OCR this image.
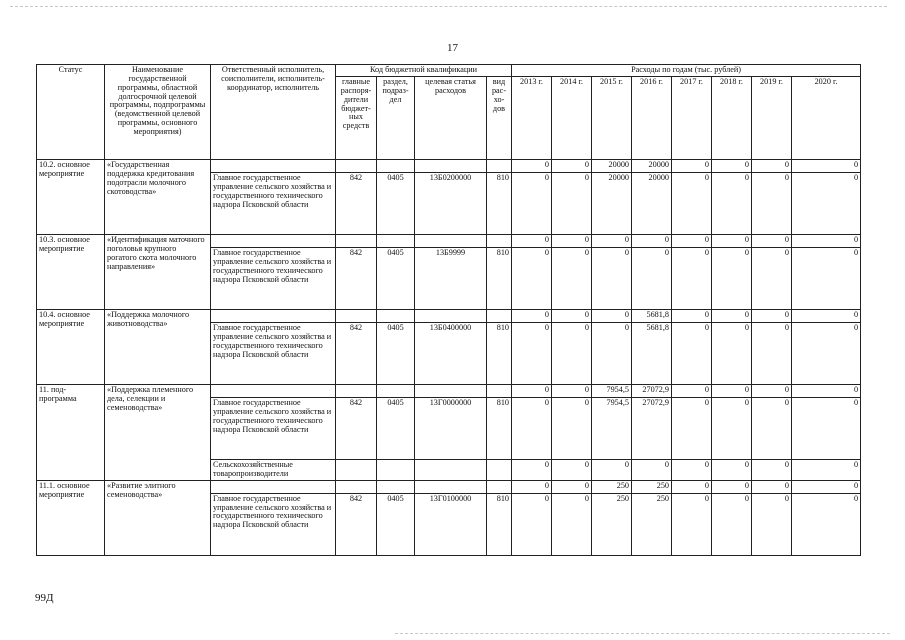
17
Статус	Наименование государственной программы, областной долгосрочной целевой программы, подпрограммы (ведомственной целевой программы, основного мероприятия)	Ответственный исполнитель, соисполнители, исполнитель-координатор, исполнитель	Код бюджетной квалификации				Расходы по годам (тыс. рублей)							
			главные распоря-дители бюджет-ных средств	раздел, подраз-дел	целевая статья расходов	вид рас-хо-дов	2013 г.	2014 г.	2015 г.	2016 г.	2017 г.	2018 г.	2019 г.	2020 г.
10.2. основное мероприятие	«Государственная поддержка кредитования подотрасли молочного скотоводства»						0	0	20000	20000	0	0	0	0
		Главное государственное управление сельского хозяйства и государственного технического надзора Псковской области	842	0405	13Б0200000	810	0	0	20000	20000	0	0	0	0
10.3. основное мероприятие	«Идентификация маточного поголовья крупного рогатого скота молочного направления»						0	0	0	0	0	0	0	0
		Главное государственное управление сельского хозяйства и государственного технического надзора Псковской области	842	0405	13Б9999	810	0	0	0	0	0	0	0	0
10.4. основное мероприятие	«Поддержка молочного животноводства»						0	0	0	5681,8	0	0	0	0
		Главное государственное управление сельского хозяйства и государственного технического надзора Псковской области	842	0405	13Б0400000	810	0	0	0	5681,8	0	0	0	0
11. под-программа	«Поддержка племенного дела, селекции и семеноводства»						0	0	7954,5	27072,9	0	0	0	0
		Главное государственное управление сельского хозяйства и государственного технического надзора Псковской области	842	0405	13Г0000000	810	0	0	7954,5	27072,9	0	0	0	0
		Сельскохозяйственные товаропроизводители					0	0	0	0	0	0	0	0
11.1. основное мероприятие	«Развитие элитного семеноводства»						0	0	250	250	0	0	0	0
		Главное государственное управление сельского хозяйства и государственного технического надзора Псковской области	842	0405	13Г0100000	810	0	0	250	250	0	0	0	0
99Д
